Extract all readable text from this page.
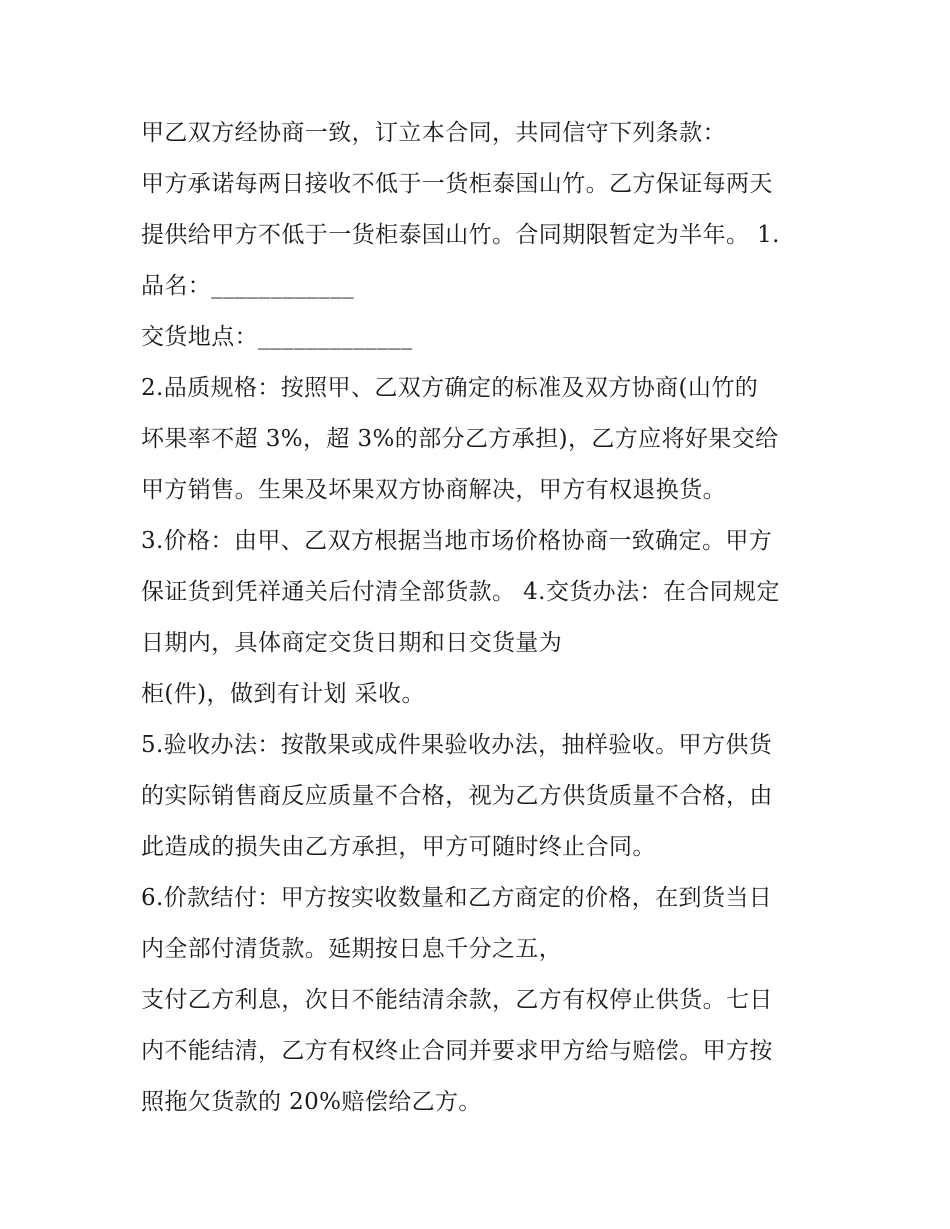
甲乙双方经协商一致，订立本合同，共同信守下列条款：
甲方承诺每两日接收不低于一货柜泰国山竹。乙方保证每两天
提供给甲方不低于一货柜泰国山竹。合同期限暂定为半年。 1.
品名：____________
交货地点：_____________
2.品质规格：按照甲、乙双方确定的标准及双方协商(山竹的
坏果率不超 3%，超 3%的部分乙方承担)，乙方应将好果交给
甲方销售。生果及坏果双方协商解决，甲方有权退换货。
3.价格：由甲、乙双方根据当地市场价格协商一致确定。甲方
保证货到凭祥通关后付清全部货款。 4.交货办法：在合同规定
日期内，具体商定交货日期和日交货量为
柜(件)，做到有计划 采收。
5.验收办法：按散果或成件果验收办法，抽样验收。甲方供货
的实际销售商反应质量不合格，视为乙方供货质量不合格，由
此造成的损失由乙方承担，甲方可随时终止合同。
6.价款结付：甲方按实收数量和乙方商定的价格，在到货当日
内全部付清货款。延期按日息千分之五，
支付乙方利息，次日不能结清余款，乙方有权停止供货。七日
内不能结清，乙方有权终止合同并要求甲方给与赔偿。甲方按
照拖欠货款的 20%赔偿给乙方。
